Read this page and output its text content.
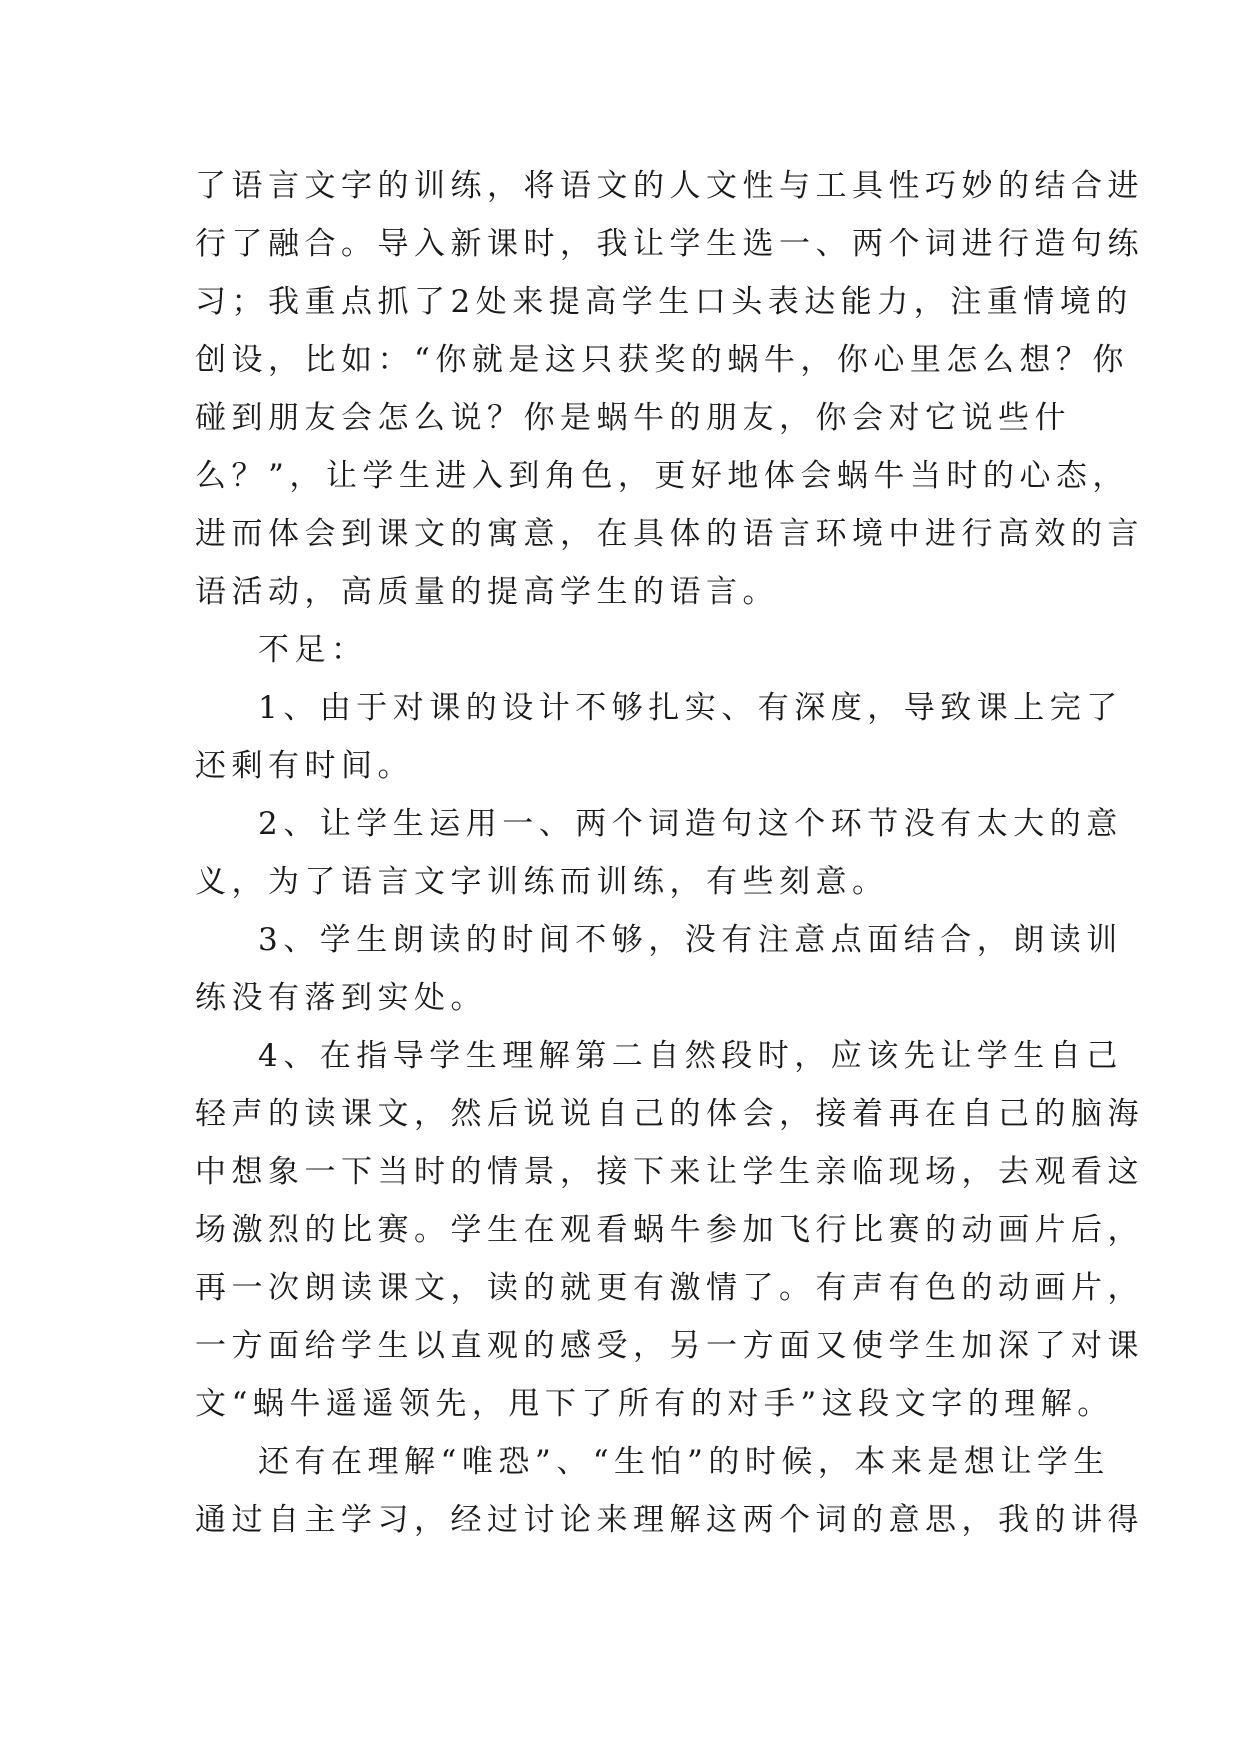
了语言文字的训练，将语文的人文性与工具性巧妙的结合进

行了融合。导入新课时，我让学生选一、两个词进行造句练

习；我重点抓了2处来提高学生口头表达能力，注重情境的

创设，比如：“你就是这只获奖的蜗牛，你心里怎么想？你

碰到朋友会怎么说？你是蜗牛的朋友，你会对它说些什

么？”，让学生进入到角色，更好地体会蜗牛当时的心态，

进而体会到课文的寓意，在具体的语言环境中进行高效的言

语活动，高质量的提高学生的语言。

不足：

1、由于对课的设计不够扎实、有深度，导致课上完了

还剩有时间。

2、让学生运用一、两个词造句这个环节没有太大的意

义，为了语言文字训练而训练，有些刻意。

3、学生朗读的时间不够，没有注意点面结合，朗读训

练没有落到实处。

4、在指导学生理解第二自然段时，应该先让学生自己

轻声的读课文，然后说说自己的体会，接着再在自己的脑海

中想象一下当时的情景，接下来让学生亲临现场，去观看这

场激烈的比赛。学生在观看蜗牛参加飞行比赛的动画片后，

再一次朗读课文，读的就更有激情了。有声有色的动画片，

一方面给学生以直观的感受，另一方面又使学生加深了对课

文“蜗牛遥遥领先，甩下了所有的对手”这段文字的理解。

还有在理解“唯恐”、“生怕”的时候，本来是想让学生

通过自主学习，经过讨论来理解这两个词的意思，我的讲得
